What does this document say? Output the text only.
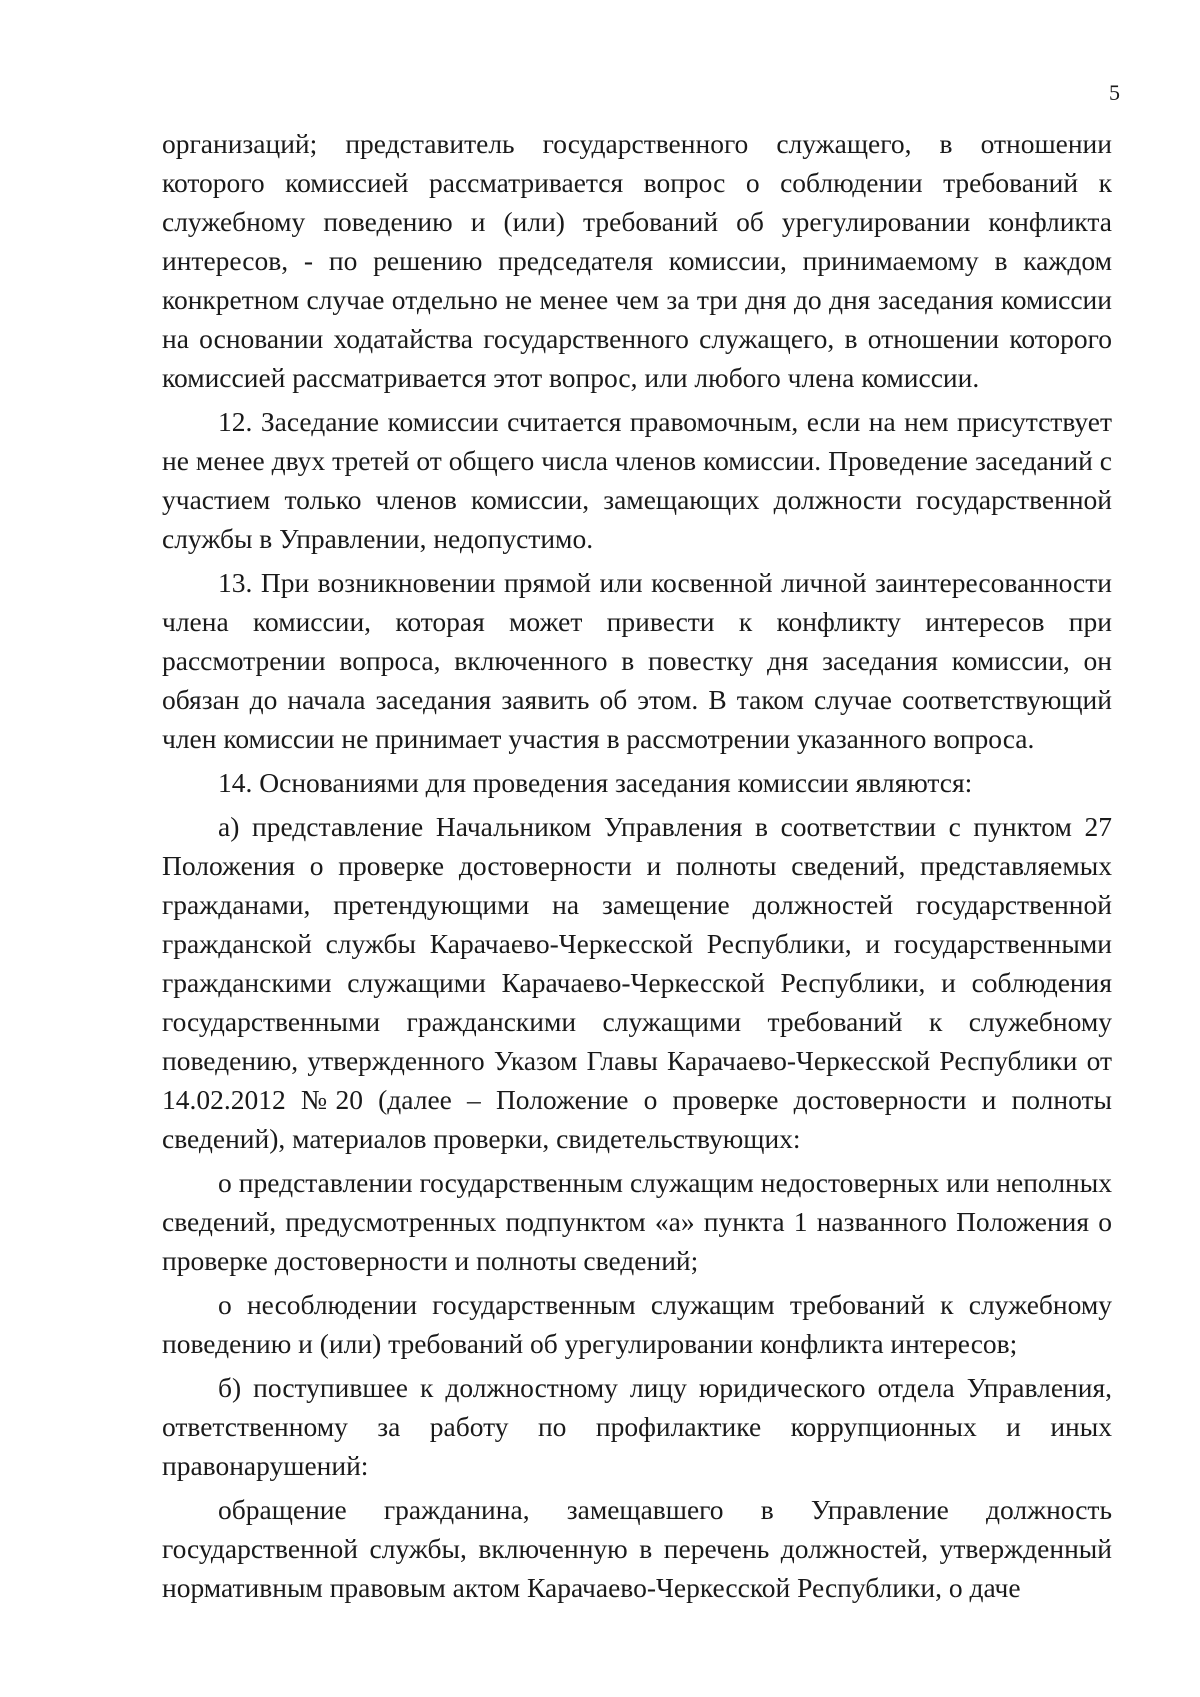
5

организаций; представитель государственного служащего, в отношении которого комиссией рассматривается вопрос о соблюдении требований к служебному поведению и (или) требований об урегулировании конфликта интересов, - по решению председателя комиссии, принимаемому в каждом конкретном случае отдельно не менее чем за три дня до дня заседания комиссии на основании ходатайства государственного служащего, в отношении которого комиссией рассматривается этот вопрос, или любого члена комиссии.

12. Заседание комиссии считается правомочным, если на нем присутствует не менее двух третей от общего числа членов комиссии. Проведение заседаний с участием только членов комиссии, замещающих должности государственной службы в Управлении, недопустимо.

13. При возникновении прямой или косвенной личной заинтересованности члена комиссии, которая может привести к конфликту интересов при рассмотрении вопроса, включенного в повестку дня заседания комиссии, он обязан до начала заседания заявить об этом. В таком случае соответствующий член комиссии не принимает участия в рассмотрении указанного вопроса.

14. Основаниями для проведения заседания комиссии являются:

а) представление Начальником Управления в соответствии с пунктом 27 Положения о проверке достоверности и полноты сведений, представляемых гражданами, претендующими на замещение должностей государственной гражданской службы Карачаево-Черкесской Республики, и государственными гражданскими служащими Карачаево-Черкесской Республики, и соблюдения государственными гражданскими служащими требований к служебному поведению, утвержденного Указом Главы Карачаево-Черкесской Республики от 14.02.2012 №20 (далее – Положение о проверке достоверности и полноты сведений), материалов проверки, свидетельствующих:

о представлении государственным служащим недостоверных или неполных сведений, предусмотренных подпунктом «а» пункта 1 названного Положения о проверке достоверности и полноты сведений;

о несоблюдении государственным служащим требований к служебному поведению и (или) требований об урегулировании конфликта интересов;

б) поступившее к должностному лицу юридического отдела Управления, ответственному за работу по профилактике коррупционных и иных правонарушений:

обращение гражданина, замещавшего в Управление должность государственной службы, включенную в перечень должностей, утвержденный нормативным правовым актом Карачаево-Черкесской Республики, о даче
